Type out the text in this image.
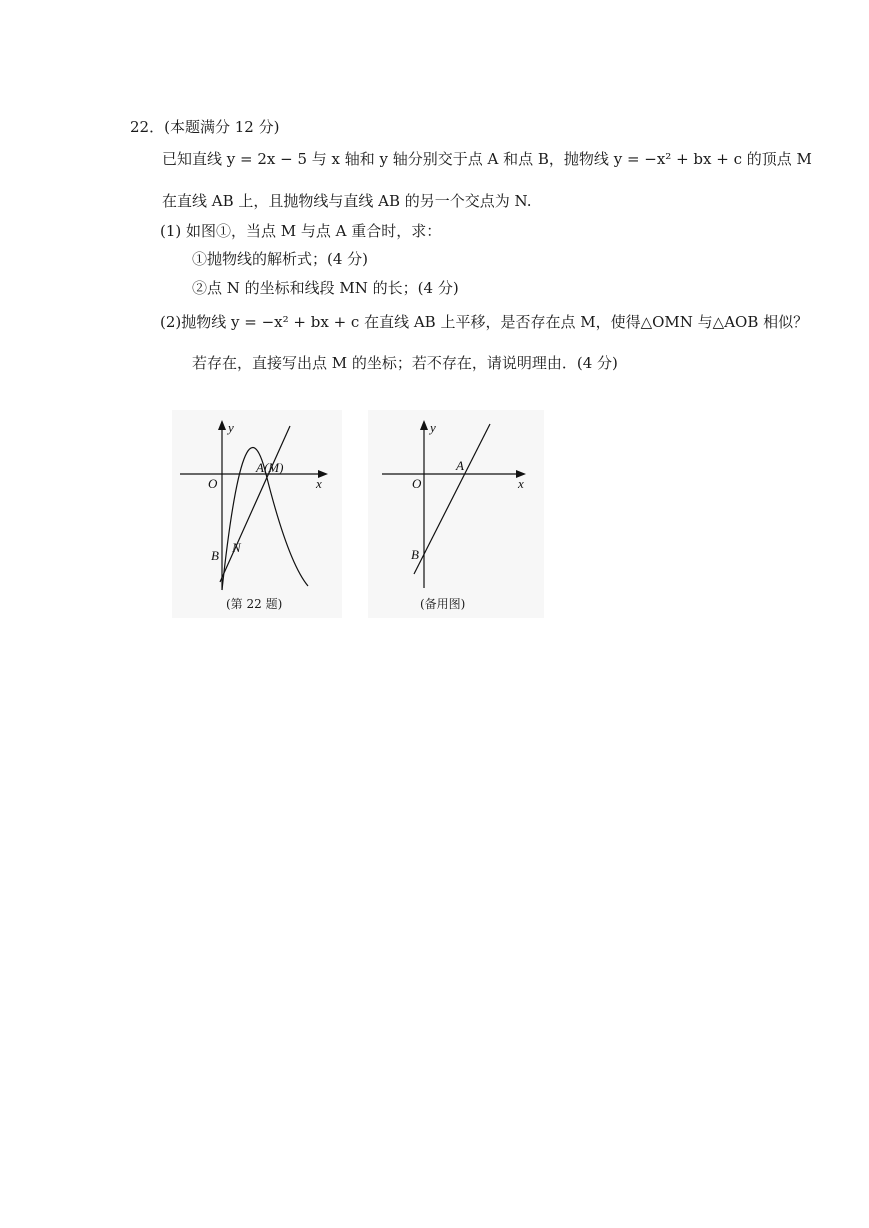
22．(本题满分 12 分)
已知直线 y = 2x − 5 与 x 轴和 y 轴分别交于点 A 和点 B，抛物线 y = −x² + bx + c 的顶点 M
在直线 AB 上，且抛物线与直线 AB 的另一个交点为 N.
(1) 如图①，当点 M 与点 A 重合时，求：
①抛物线的解析式；(4 分)
②点 N 的坐标和线段 MN 的长；(4 分)
(2)抛物线 y = −x² + bx + c 在直线 AB 上平移，是否存在点 M，使得△OMN 与△AOB 相似？
若存在，直接写出点 M 的坐标；若不存在，请说明理由．(4 分)
y
x
O
A(M)
B
N
(第 22 题)
y
x
O
A
B
(备用图)
